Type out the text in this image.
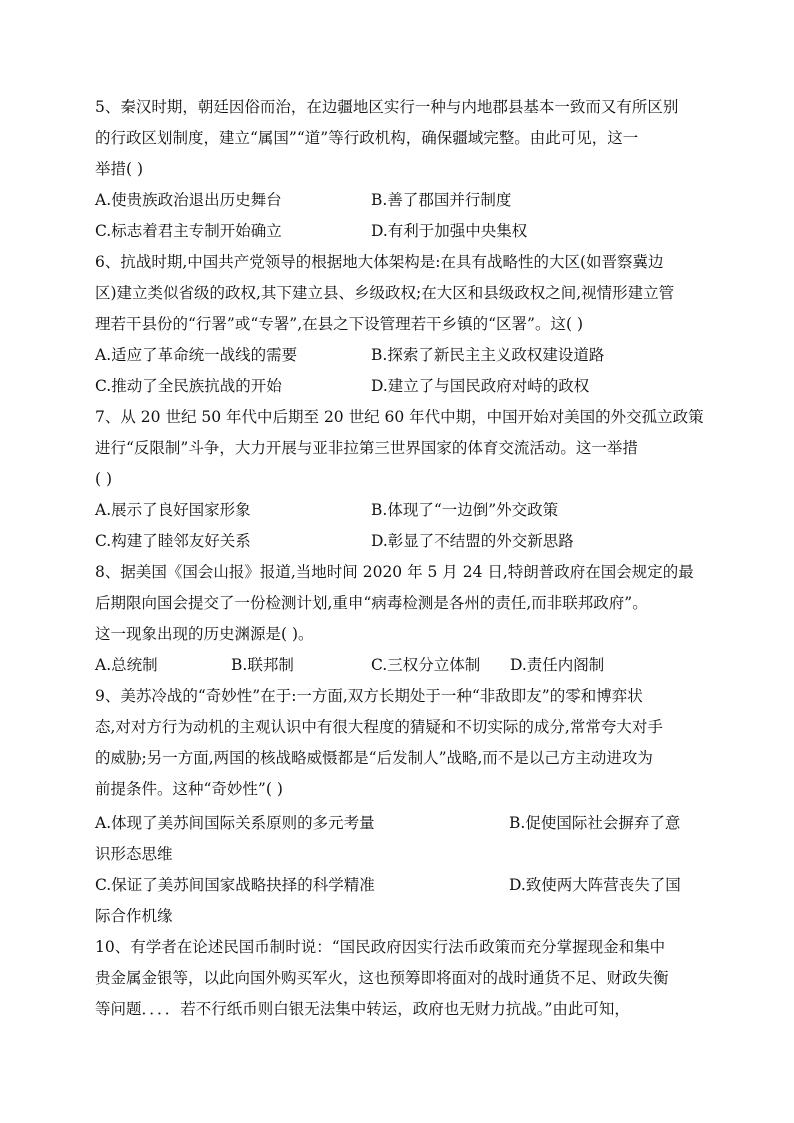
5、秦汉时期，朝廷因俗而治，在边疆地区实行一种与内地郡县基本一致而又有所区别
的行政区划制度，建立“属国”“道”等行政机构，确保疆域完整。由此可见，这一
举措( )
A.使贵族政治退出历史舞台	B.善了郡国并行制度
C.标志着君主专制开始确立	D.有利于加强中央集权
6、抗战时期,中国共产党领导的根据地大体架构是:在具有战略性的大区(如晋察冀边
区)建立类似省级的政权,其下建立县、乡级政权;在大区和县级政权之间,视情形建立管
理若干县份的“行署”或“专署”,在县之下设管理若干乡镇的“区署”。这( )
A.适应了革命统一战线的需要	B.探索了新民主主义政权建设道路
C.推动了全民族抗战的开始	D.建立了与国民政府对峙的政权
7、从 20 世纪 50 年代中后期至 20 世纪 60 年代中期，中国开始对美国的外交孤立政策
进行“反限制”斗争，大力开展与亚非拉第三世界国家的体育交流活动。这一举措
( )
A.展示了良好国家形象	B.体现了“一边倒”外交政策
C.构建了睦邻友好关系	D.彰显了不结盟的外交新思路
8、据美国《国会山报》报道,当地时间 2020 年 5 月 24 日,特朗普政府在国会规定的最
后期限向国会提交了一份检测计划,重申“病毒检测是各州的责任,而非联邦政府”。
这一现象出现的历史渊源是( )。
A.总统制	B.联邦制	C.三权分立体制 D.责任内阁制
9、美苏冷战的“奇妙性”在于:一方面,双方长期处于一种“非敌即友”的零和博弈状
态,对对方行为动机的主观认识中有很大程度的猜疑和不切实际的成分,常常夸大对手
的威胁;另一方面,两国的核战略威慑都是“后发制人”战略,而不是以己方主动进攻为
前提条件。这种“奇妙性”( )
A.体现了美苏间国际关系原则的多元考量	B.促使国际社会摒弃了意
识形态思维
C.保证了美苏间国家战略抉择的科学精准	D.致使两大阵营丧失了国
际合作机缘
10、有学者在论述民国币制时说：“国民政府因实行法币政策而充分掌握现金和集中
贵金属金银等，以此向国外购买军火，这也预筹即将面对的战时通货不足、财政失衡
等问题．．．．若不行纸币则白银无法集中转运，政府也无财力抗战。”由此可知，
